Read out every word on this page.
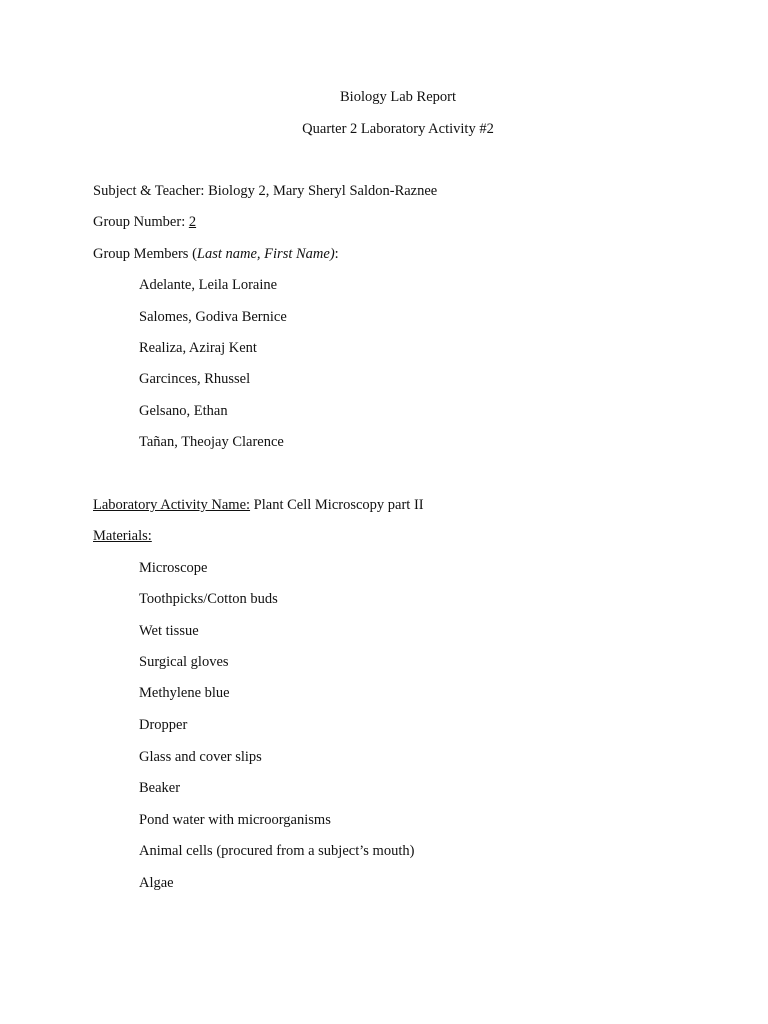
Biology Lab Report
Quarter 2 Laboratory Activity #2
Subject & Teacher: Biology 2, Mary Sheryl Saldon-Raznee
Group Number: 2
Group Members (Last name, First Name):
Adelante, Leila Loraine
Salomes, Godiva Bernice
Realiza, Aziraj Kent
Garcinces, Rhussel
Gelsano, Ethan
Tañan, Theojay Clarence
Laboratory Activity Name: Plant Cell Microscopy part II
Materials:
Microscope
Toothpicks/Cotton buds
Wet tissue
Surgical gloves
Methylene blue
Dropper
Glass and cover slips
Beaker
Pond water with microorganisms
Animal cells (procured from a subject’s mouth)
Algae
